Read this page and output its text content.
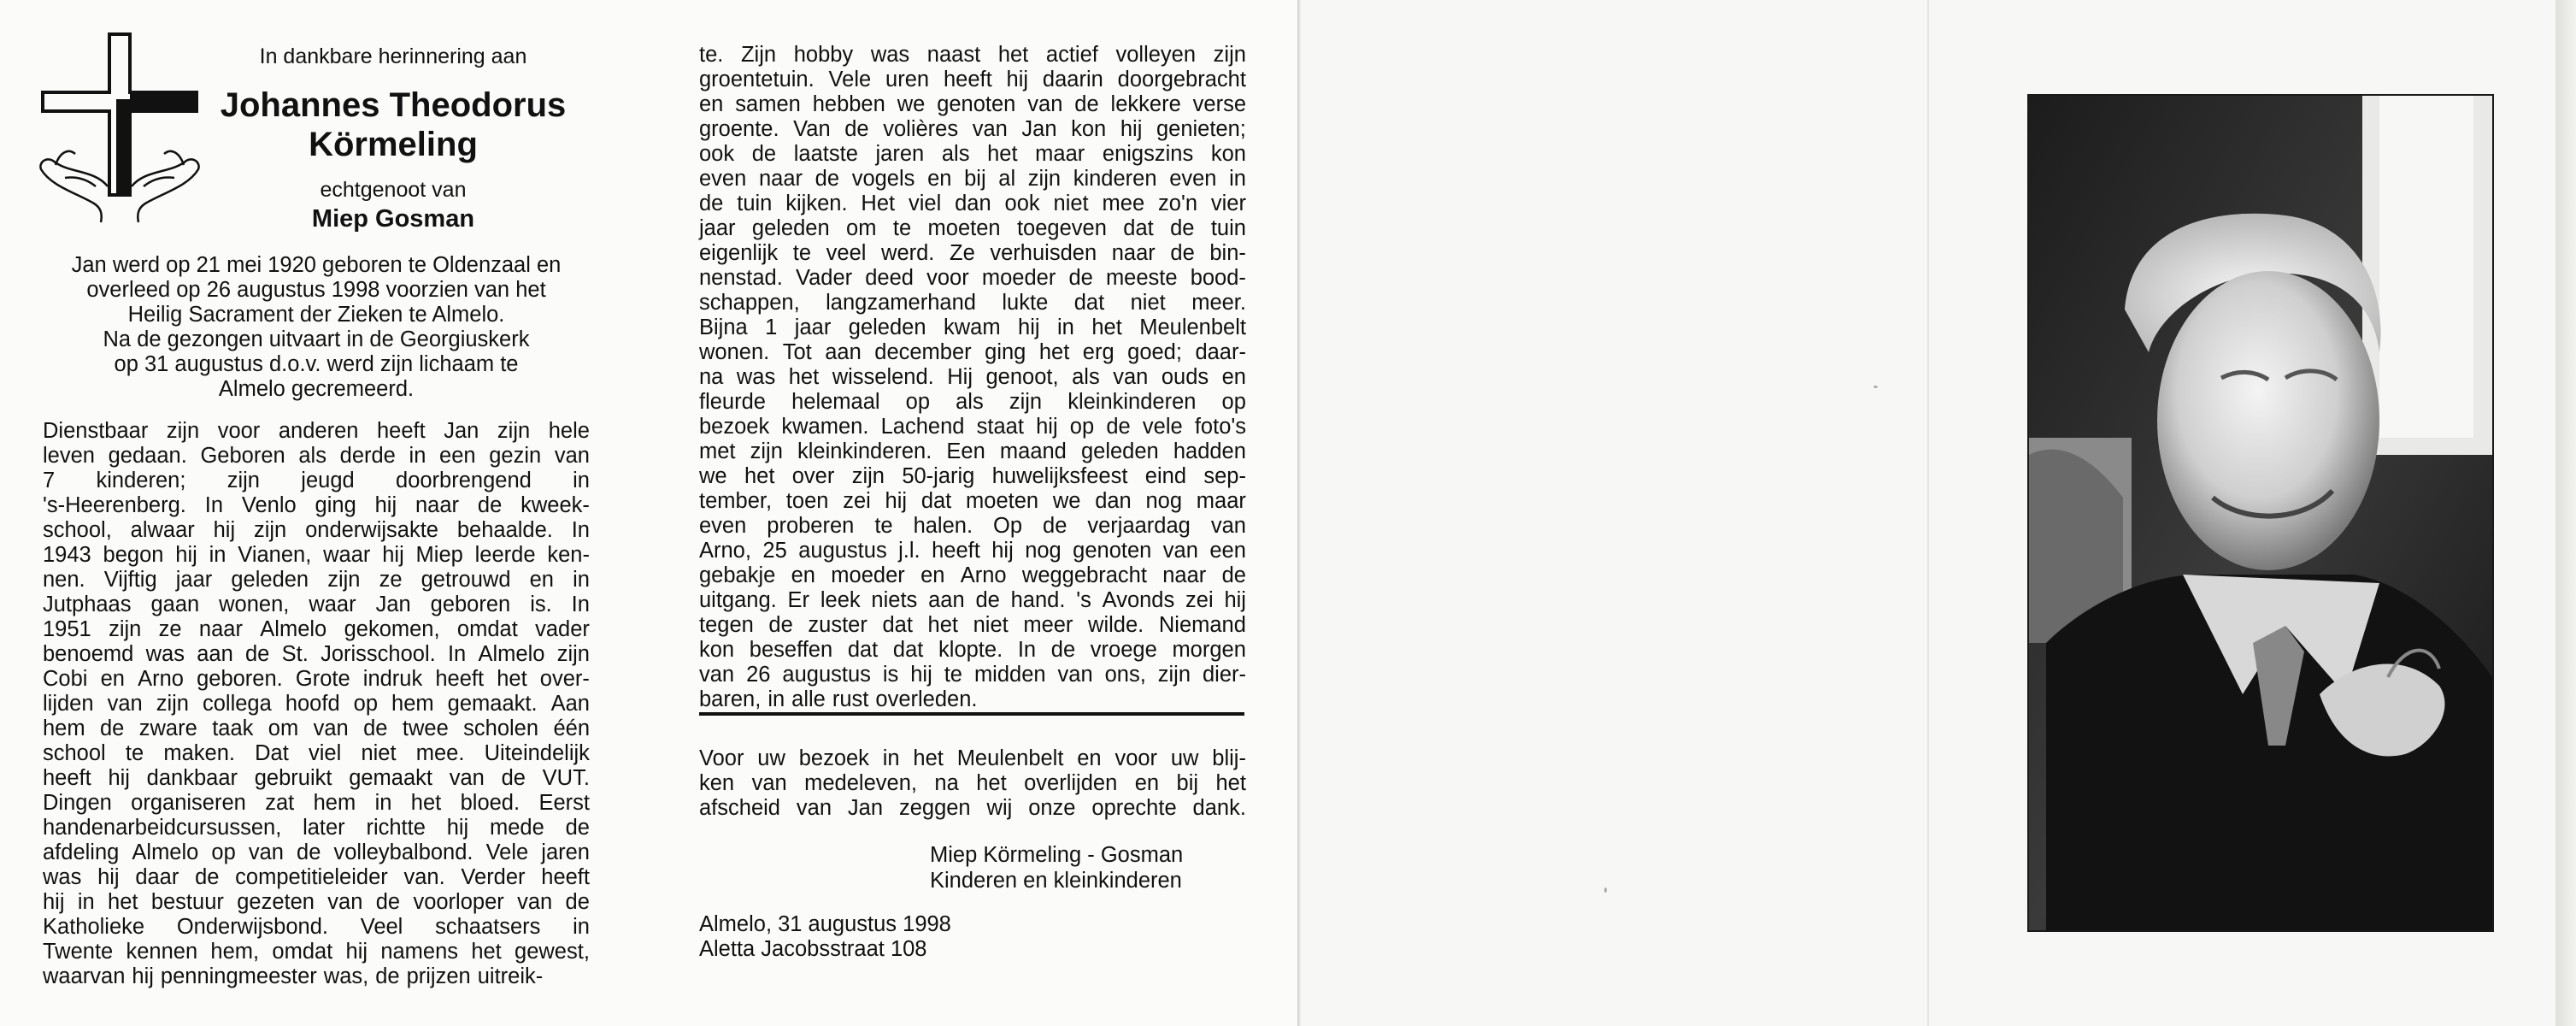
In dankbare herinnering aan
Johannes Theodorus
Körmeling
echtgenoot van
Miep Gosman
Jan werd op 21 mei 1920 geboren te Oldenzaal en
overleed op 26 augustus 1998 voorzien van het
Heilig Sacrament der Zieken te Almelo.
Na de gezongen uitvaart in de Georgiuskerk
op 31 augustus d.o.v. werd zijn lichaam te
Almelo gecremeerd.
Dienstbaar zijn voor anderen heeft Jan zijn hele
leven gedaan. Geboren als derde in een gezin van
7 kinderen; zijn jeugd doorbrengend in
's-Heerenberg. In Venlo ging hij naar de kweek-
school, alwaar hij zijn onderwijsakte behaalde. In
1943 begon hij in Vianen, waar hij Miep leerde ken-
nen. Vijftig jaar geleden zijn ze getrouwd en in
Jutphaas gaan wonen, waar Jan geboren is. In
1951 zijn ze naar Almelo gekomen, omdat vader
benoemd was aan de St. Jorisschool. In Almelo zijn
Cobi en Arno geboren. Grote indruk heeft het over-
lijden van zijn collega hoofd op hem gemaakt. Aan
hem de zware taak om van de twee scholen één
school te maken. Dat viel niet mee. Uiteindelijk
heeft hij dankbaar gebruikt gemaakt van de VUT.
Dingen organiseren zat hem in het bloed. Eerst
handenarbeidcursussen, later richtte hij mede de
afdeling Almelo op van de volleybalbond. Vele jaren
was hij daar de competitieleider van. Verder heeft
hij in het bestuur gezeten van de voorloper van de
Katholieke Onderwijsbond. Veel schaatsers in
Twente kennen hem, omdat hij namens het gewest,
waarvan hij penningmeester was, de prijzen uitreik-
te. Zijn hobby was naast het actief volleyen zijn
groentetuin. Vele uren heeft hij daarin doorgebracht
en samen hebben we genoten van de lekkere verse
groente. Van de volières van Jan kon hij genieten;
ook de laatste jaren als het maar enigszins kon
even naar de vogels en bij al zijn kinderen even in
de tuin kijken. Het viel dan ook niet mee zo'n vier
jaar geleden om te moeten toegeven dat de tuin
eigenlijk te veel werd. Ze verhuisden naar de bin-
nenstad. Vader deed voor moeder de meeste bood-
schappen, langzamerhand lukte dat niet meer.
Bijna 1 jaar geleden kwam hij in het Meulenbelt
wonen. Tot aan december ging het erg goed; daar-
na was het wisselend. Hij genoot, als van ouds en
fleurde helemaal op als zijn kleinkinderen op
bezoek kwamen. Lachend staat hij op de vele foto's
met zijn kleinkinderen. Een maand geleden hadden
we het over zijn 50-jarig huwelijksfeest eind sep-
tember, toen zei hij dat moeten we dan nog maar
even proberen te halen. Op de verjaardag van
Arno, 25 augustus j.l. heeft hij nog genoten van een
gebakje en moeder en Arno weggebracht naar de
uitgang. Er leek niets aan de hand. 's Avonds zei hij
tegen de zuster dat het niet meer wilde. Niemand
kon beseffen dat dat klopte. In de vroege morgen
van 26 augustus is hij te midden van ons, zijn dier-
baren, in alle rust overleden.
Voor uw bezoek in het Meulenbelt en voor uw blij-
ken van medeleven, na het overlijden en bij het
afscheid van Jan zeggen wij onze oprechte dank.
Miep Körmeling - Gosman
Kinderen en kleinkinderen
Almelo, 31 augustus 1998
Aletta Jacobsstraat 108
